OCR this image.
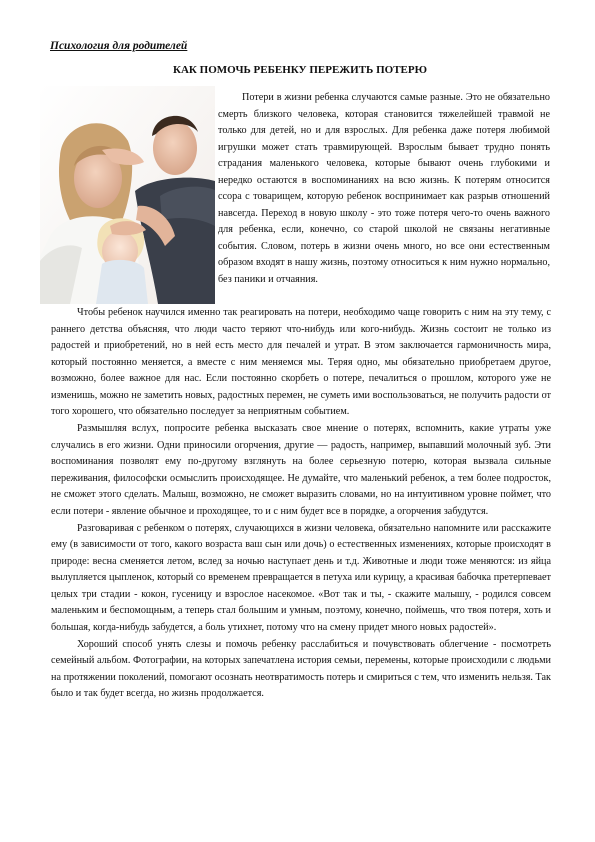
Психология для родителей
КАК ПОМОЧЬ РЕБЕНКУ ПЕРЕЖИТЬ ПОТЕРЮ

Потери в жизни ребенка случаются самые разные. Это не обязательно смерть близкого человека, которая становится тяжелейшей травмой не только для детей, но и для взрослых. Для ребенка даже потеря любимой игрушки может стать травмирующей. Взрослым бывает трудно понять страдания маленького человека, которые бывают очень глубокими и нередко остаются в воспоминаниях на всю жизнь. К потерям относится ссора с товарищем, которую ребенок воспринимает как разрыв отношений навсегда. Переход в новую школу - это тоже потеря чего-то очень важного для ребенка, если, конечно, со старой школой не связаны негативные события. Словом, потерь в жизни очень много, но все они естественным образом входят в нашу жизнь, поэтому относиться к ним нужно нормально, без паники и отчаяния.

Чтобы ребенок научился именно так реагировать на потери, необходимо чаще говорить с ним на эту тему, с раннего детства объясняя, что люди часто теряют что-нибудь или кого-нибудь. Жизнь состоит не только из радостей и приобретений, но в ней есть место для печалей и утрат. В этом заключается гармоничность мира, который постоянно меняется, а вместе с ним меняемся мы. Теряя одно, мы обязательно приобретаем другое, возможно, более важное для нас. Если постоянно скорбеть о потере, печалиться о прошлом, которого уже не изменишь, можно не заметить новых, радостных перемен, не суметь ими воспользоваться, не получить радости от того хорошего, что обязательно последует за неприятным событием.

Размышляя вслух, попросите ребенка высказать свое мнение о потерях, вспомнить, какие утраты уже случались в его жизни. Одни приносили огорчения, другие — радость, например, выпавший молочный зуб. Эти воспоминания позволят ему по-другому взглянуть на более серьезную потерю, которая вызвала сильные переживания, философски осмыслить происходящее. Не думайте, что маленький ребенок, а тем более подросток, не сможет этого сделать. Малыш, возможно, не сможет выразить словами, но на интуитивном уровне поймет, что если потери - явление обычное и проходящее, то и с ним будет все в порядке, а огорчения забудутся.

Разговаривая с ребенком о потерях, случающихся в жизни человека, обязательно напомните или расскажите ему (в зависимости от того, какого возраста ваш сын или дочь) о естественных изменениях, которые происходят в природе: весна сменяется летом, вслед за ночью наступает день и т.д. Животные и люди тоже меняются: из яйца вылупляется цыпленок, который со временем превращается в петуха или курицу, а красивая бабочка претерпевает целых три стадии - кокон, гусеницу и взрослое насекомое. «Вот так и ты, - скажите малышу, - родился совсем маленьким и беспомощным, а теперь стал большим и умным, поэтому, конечно, поймешь, что твоя потеря, хоть и большая, когда-нибудь забудется, а боль утихнет, потому что на смену придет много новых радостей».

Хороший способ унять слезы и помочь ребенку расслабиться и почувствовать облегчение - посмотреть семейный альбом. Фотографии, на которых запечатлена история семьи, перемены, которые происходили с людьми на протяжении поколений, помогают осознать неотвратимость потерь и смириться с тем, что изменить нельзя. Так было и так будет всегда, но жизнь продолжается.
